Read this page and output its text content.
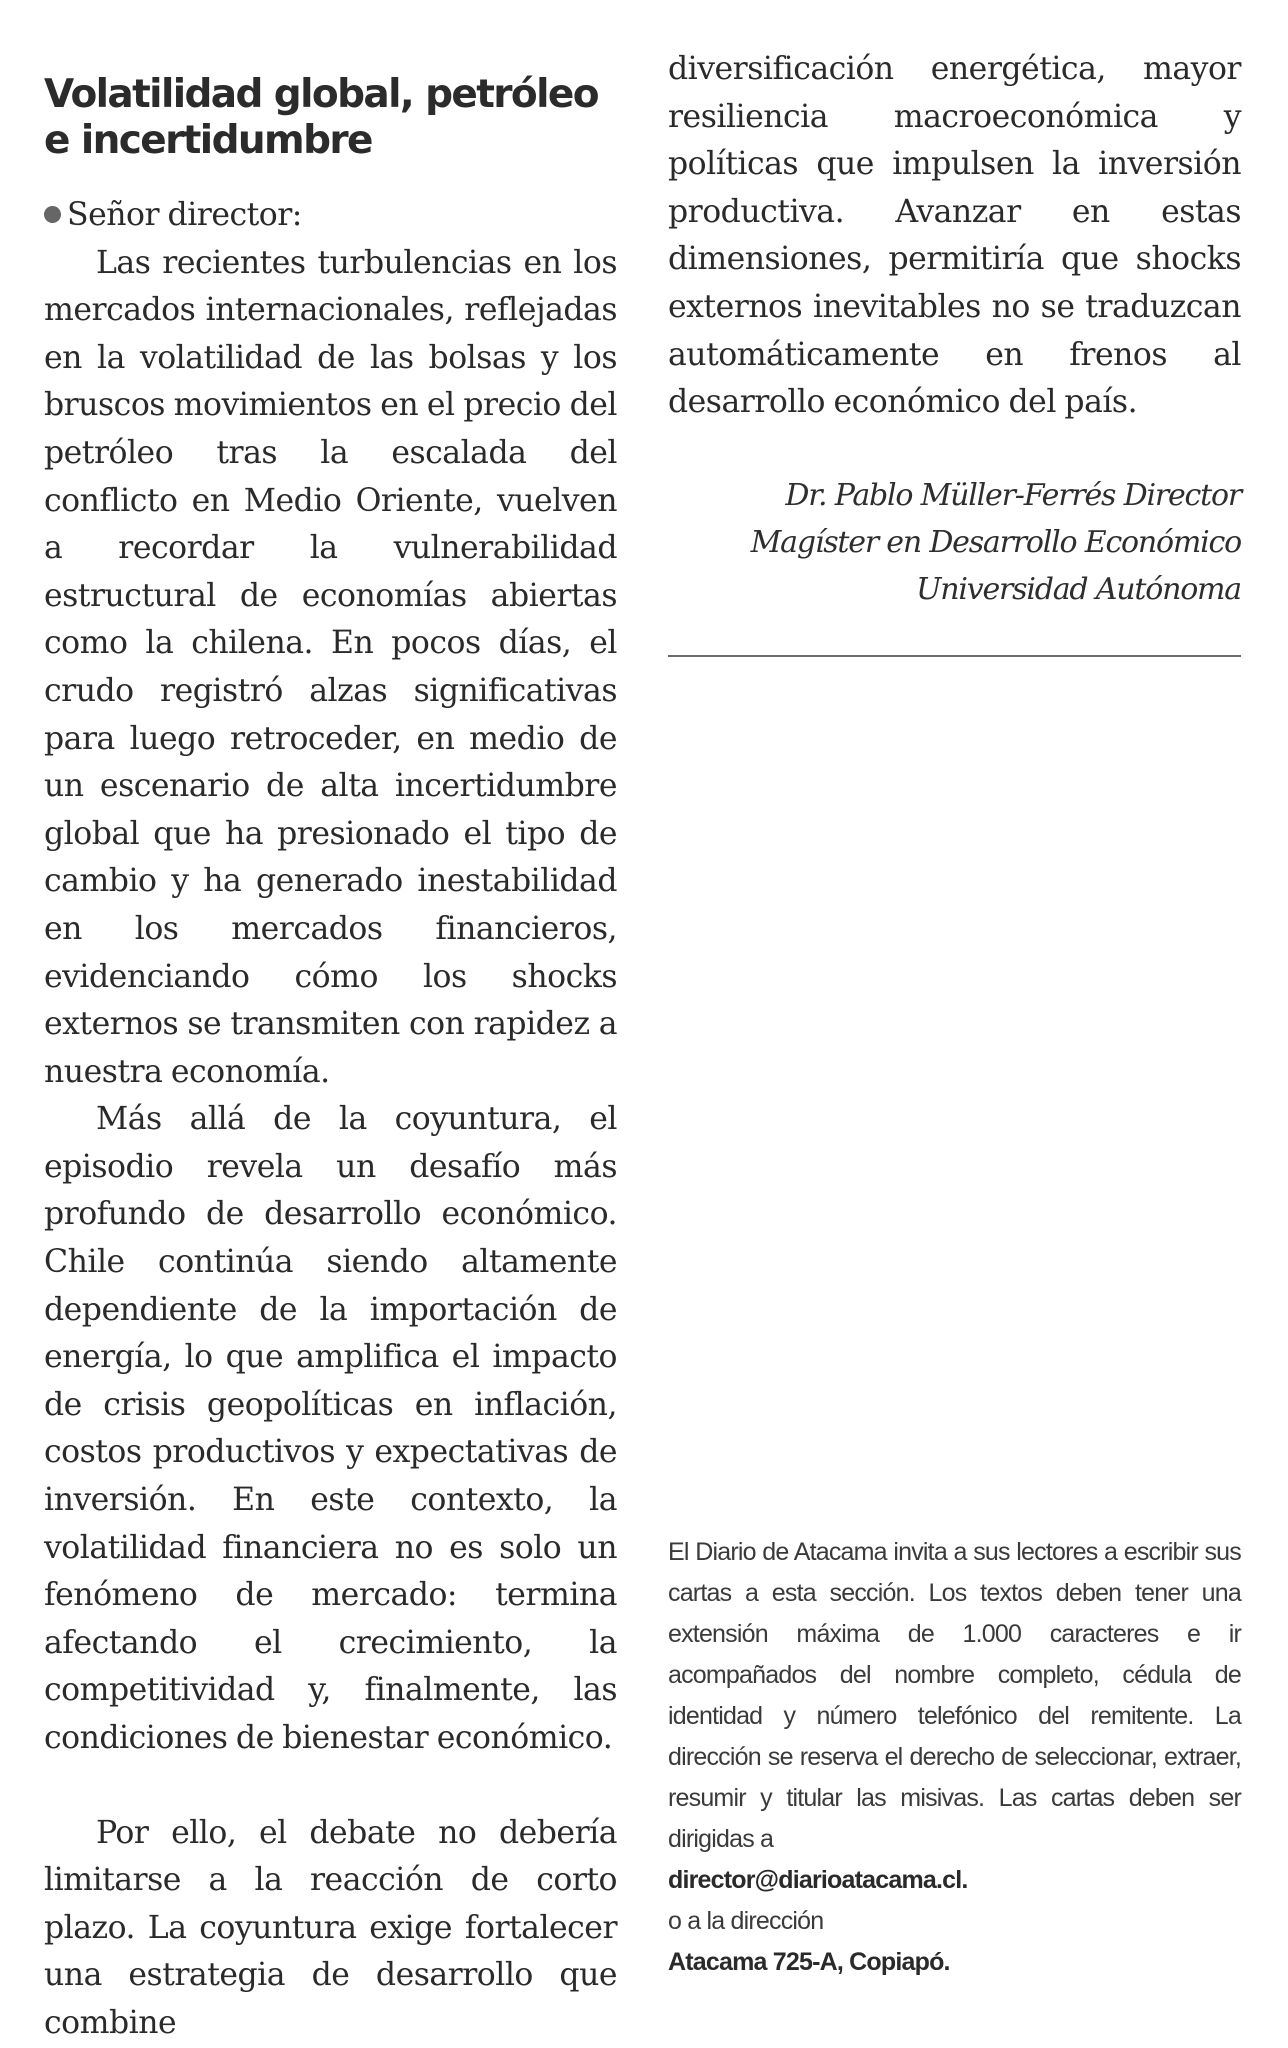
Volatilidad global, petróleo e incertidumbre

Señor director:

Las recientes turbulencias en los mercados internacionales, reflejadas en la volatilidad de las bolsas y los bruscos movimientos en el precio del petróleo tras la escalada del conflicto en Medio Oriente, vuelven a recordar la vulnerabilidad estructural de economías abiertas como la chilena. En pocos días, el crudo registró alzas significativas para luego retroceder, en medio de un escenario de alta incertidumbre global que ha presionado el tipo de cambio y ha generado inestabilidad en los mercados financieros, evidenciando cómo los shocks externos se transmiten con rapidez a nuestra economía.

Más allá de la coyuntura, el episodio revela un desafío más profundo de desarrollo económico. Chile continúa siendo altamente dependiente de la importación de energía, lo que amplifica el impacto de crisis geopolíticas en inflación, costos productivos y expectativas de inversión. En este contexto, la volatilidad financiera no es solo un fenómeno de mercado: termina afectando el crecimiento, la competitividad y, finalmente, las condiciones de bienestar económico.

Por ello, el debate no debería limitarse a la reacción de corto plazo. La coyuntura exige fortalecer una estrategia de desarrollo que combine

diversificación energética, mayor resiliencia macroeconómica y políticas que impulsen la inversión productiva. Avanzar en estas dimensiones, permitiría que shocks externos inevitables no se traduzcan automáticamente en frenos al desarrollo económico del país.

Dr. Pablo Müller-Ferrés Director Magíster en Desarrollo Económico Universidad Autónoma

El Diario de Atacama invita a sus lectores a escribir sus cartas a esta sección. Los textos deben tener una extensión máxima de 1.000 caracteres e ir acompañados del nombre completo, cédula de identidad y número telefónico del remitente. La dirección se reserva el derecho de seleccionar, extraer, resumir y titular las misivas. Las cartas deben ser dirigidas a

director@diarioatacama.cl.

o a la dirección

Atacama 725-A, Copiapó.
